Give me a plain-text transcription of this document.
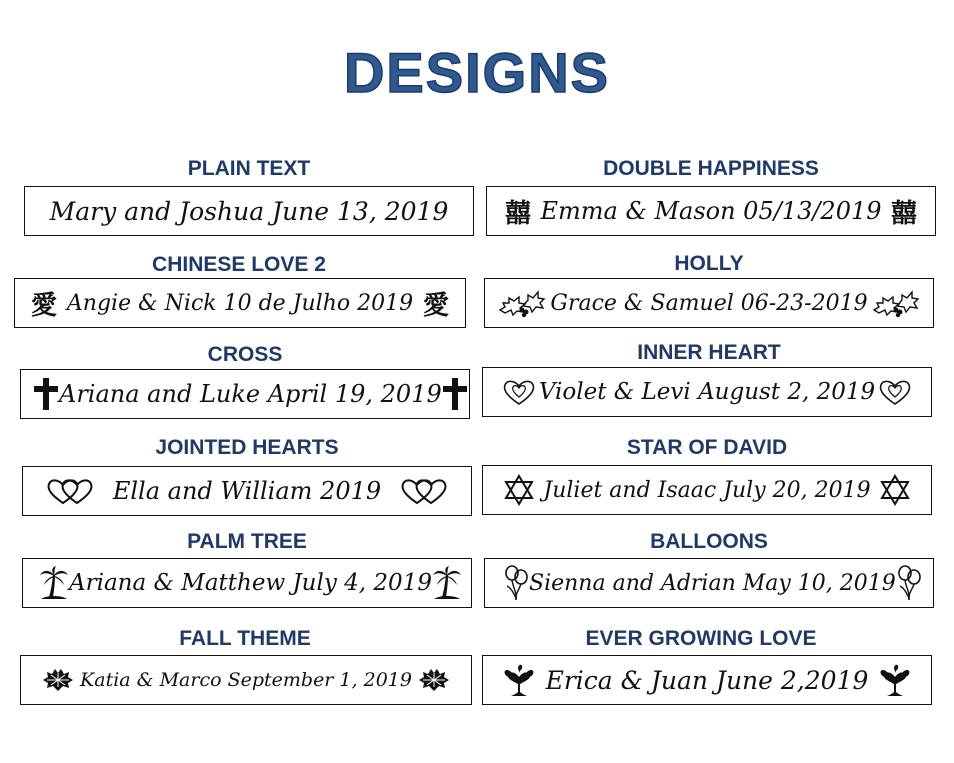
DESIGNS
PLAIN TEXT
Mary and Joshua June 13, 2019
DOUBLE HAPPINESS
囍 Emma & Mason 05/13/2019 囍
CHINESE LOVE 2
愛 Angie & Nick 10 de Julho 2019 愛
HOLLY
Grace & Samuel 06-23-2019
CROSS
Ariana and Luke April 19, 2019
INNER HEART
Violet & Levi August 2, 2019
JOINTED HEARTS
Ella and William 2019
STAR OF DAVID
Juliet and Isaac July 20, 2019
PALM TREE
Ariana & Matthew July 4, 2019
BALLOONS
Sienna and Adrian May 10, 2019
FALL THEME
Katia & Marco September 1, 2019
EVER GROWING LOVE
Erica & Juan June 2,2019
